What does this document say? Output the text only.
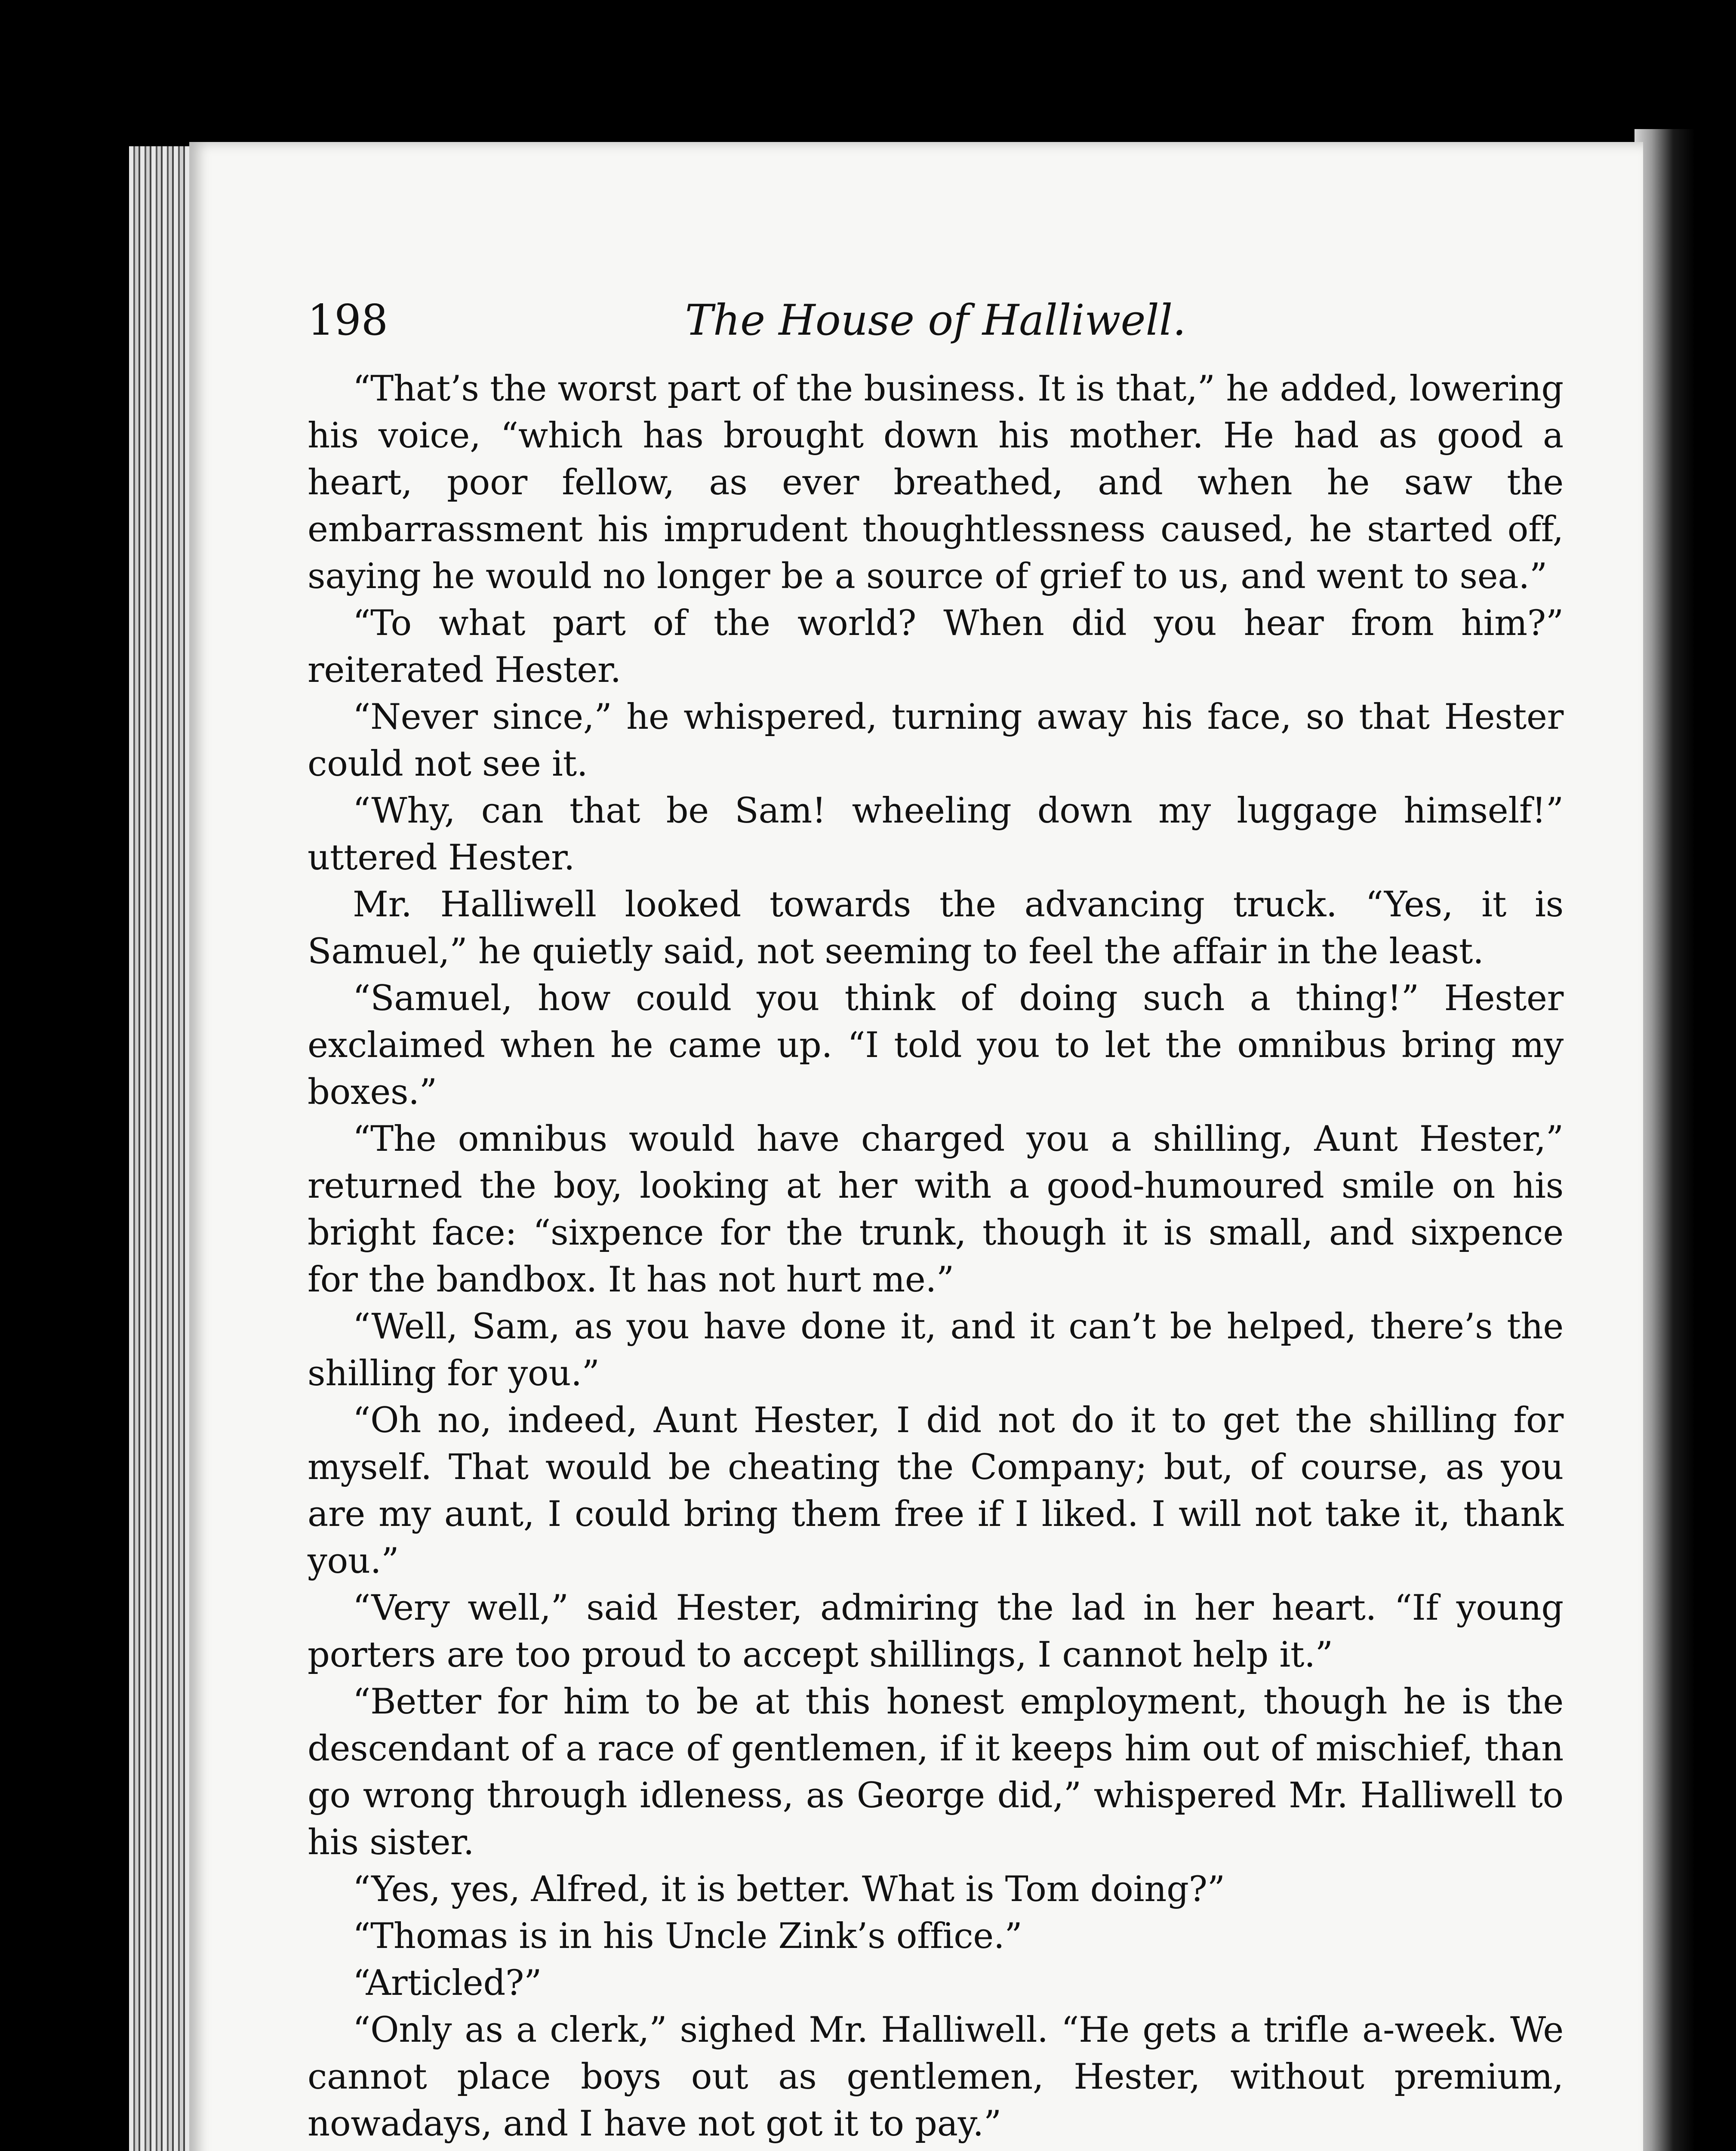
198	The House of Halliwell.

“That’s the worst part of the business. It is that,” he added, lowering his voice, “which has brought down his mother. He had as good a heart, poor fellow, as ever breathed, and when he saw the embarrassment his imprudent thoughtlessness caused, he started off, saying he would no longer be a source of grief to us, and went to sea.”

“To what part of the world? When did you hear from him?” reiterated Hester.

“Never since,” he whispered, turning away his face, so that Hester could not see it.

“Why, can that be Sam! wheeling down my luggage himself!” uttered Hester.

Mr. Halliwell looked towards the advancing truck. “Yes, it is Samuel,” he quietly said, not seeming to feel the affair in the least.

“Samuel, how could you think of doing such a thing!” Hester exclaimed when he came up. “I told you to let the omnibus bring my boxes.”

“The omnibus would have charged you a shilling, Aunt Hester,” returned the boy, looking at her with a good-humoured smile on his bright face: “sixpence for the trunk, though it is small, and sixpence for the bandbox. It has not hurt me.”

“Well, Sam, as you have done it, and it can’t be helped, there’s the shilling for you.”

“Oh no, indeed, Aunt Hester, I did not do it to get the shilling for myself. That would be cheating the Company; but, of course, as you are my aunt, I could bring them free if I liked. I will not take it, thank you.”

“Very well,” said Hester, admiring the lad in her heart. “If young porters are too proud to accept shillings, I cannot help it.”

“Better for him to be at this honest employment, though he is the descendant of a race of gentlemen, if it keeps him out of mischief, than go wrong through idleness, as George did,” whispered Mr. Halliwell to his sister.

“Yes, yes, Alfred, it is better. What is Tom doing?”

“Thomas is in his Uncle Zink’s office.”

“Articled?”

“Only as a clerk,” sighed Mr. Halliwell. “He gets a trifle a-week. We cannot place boys out as gentlemen, Hester, without premium, nowadays, and I have not got it to pay.”
